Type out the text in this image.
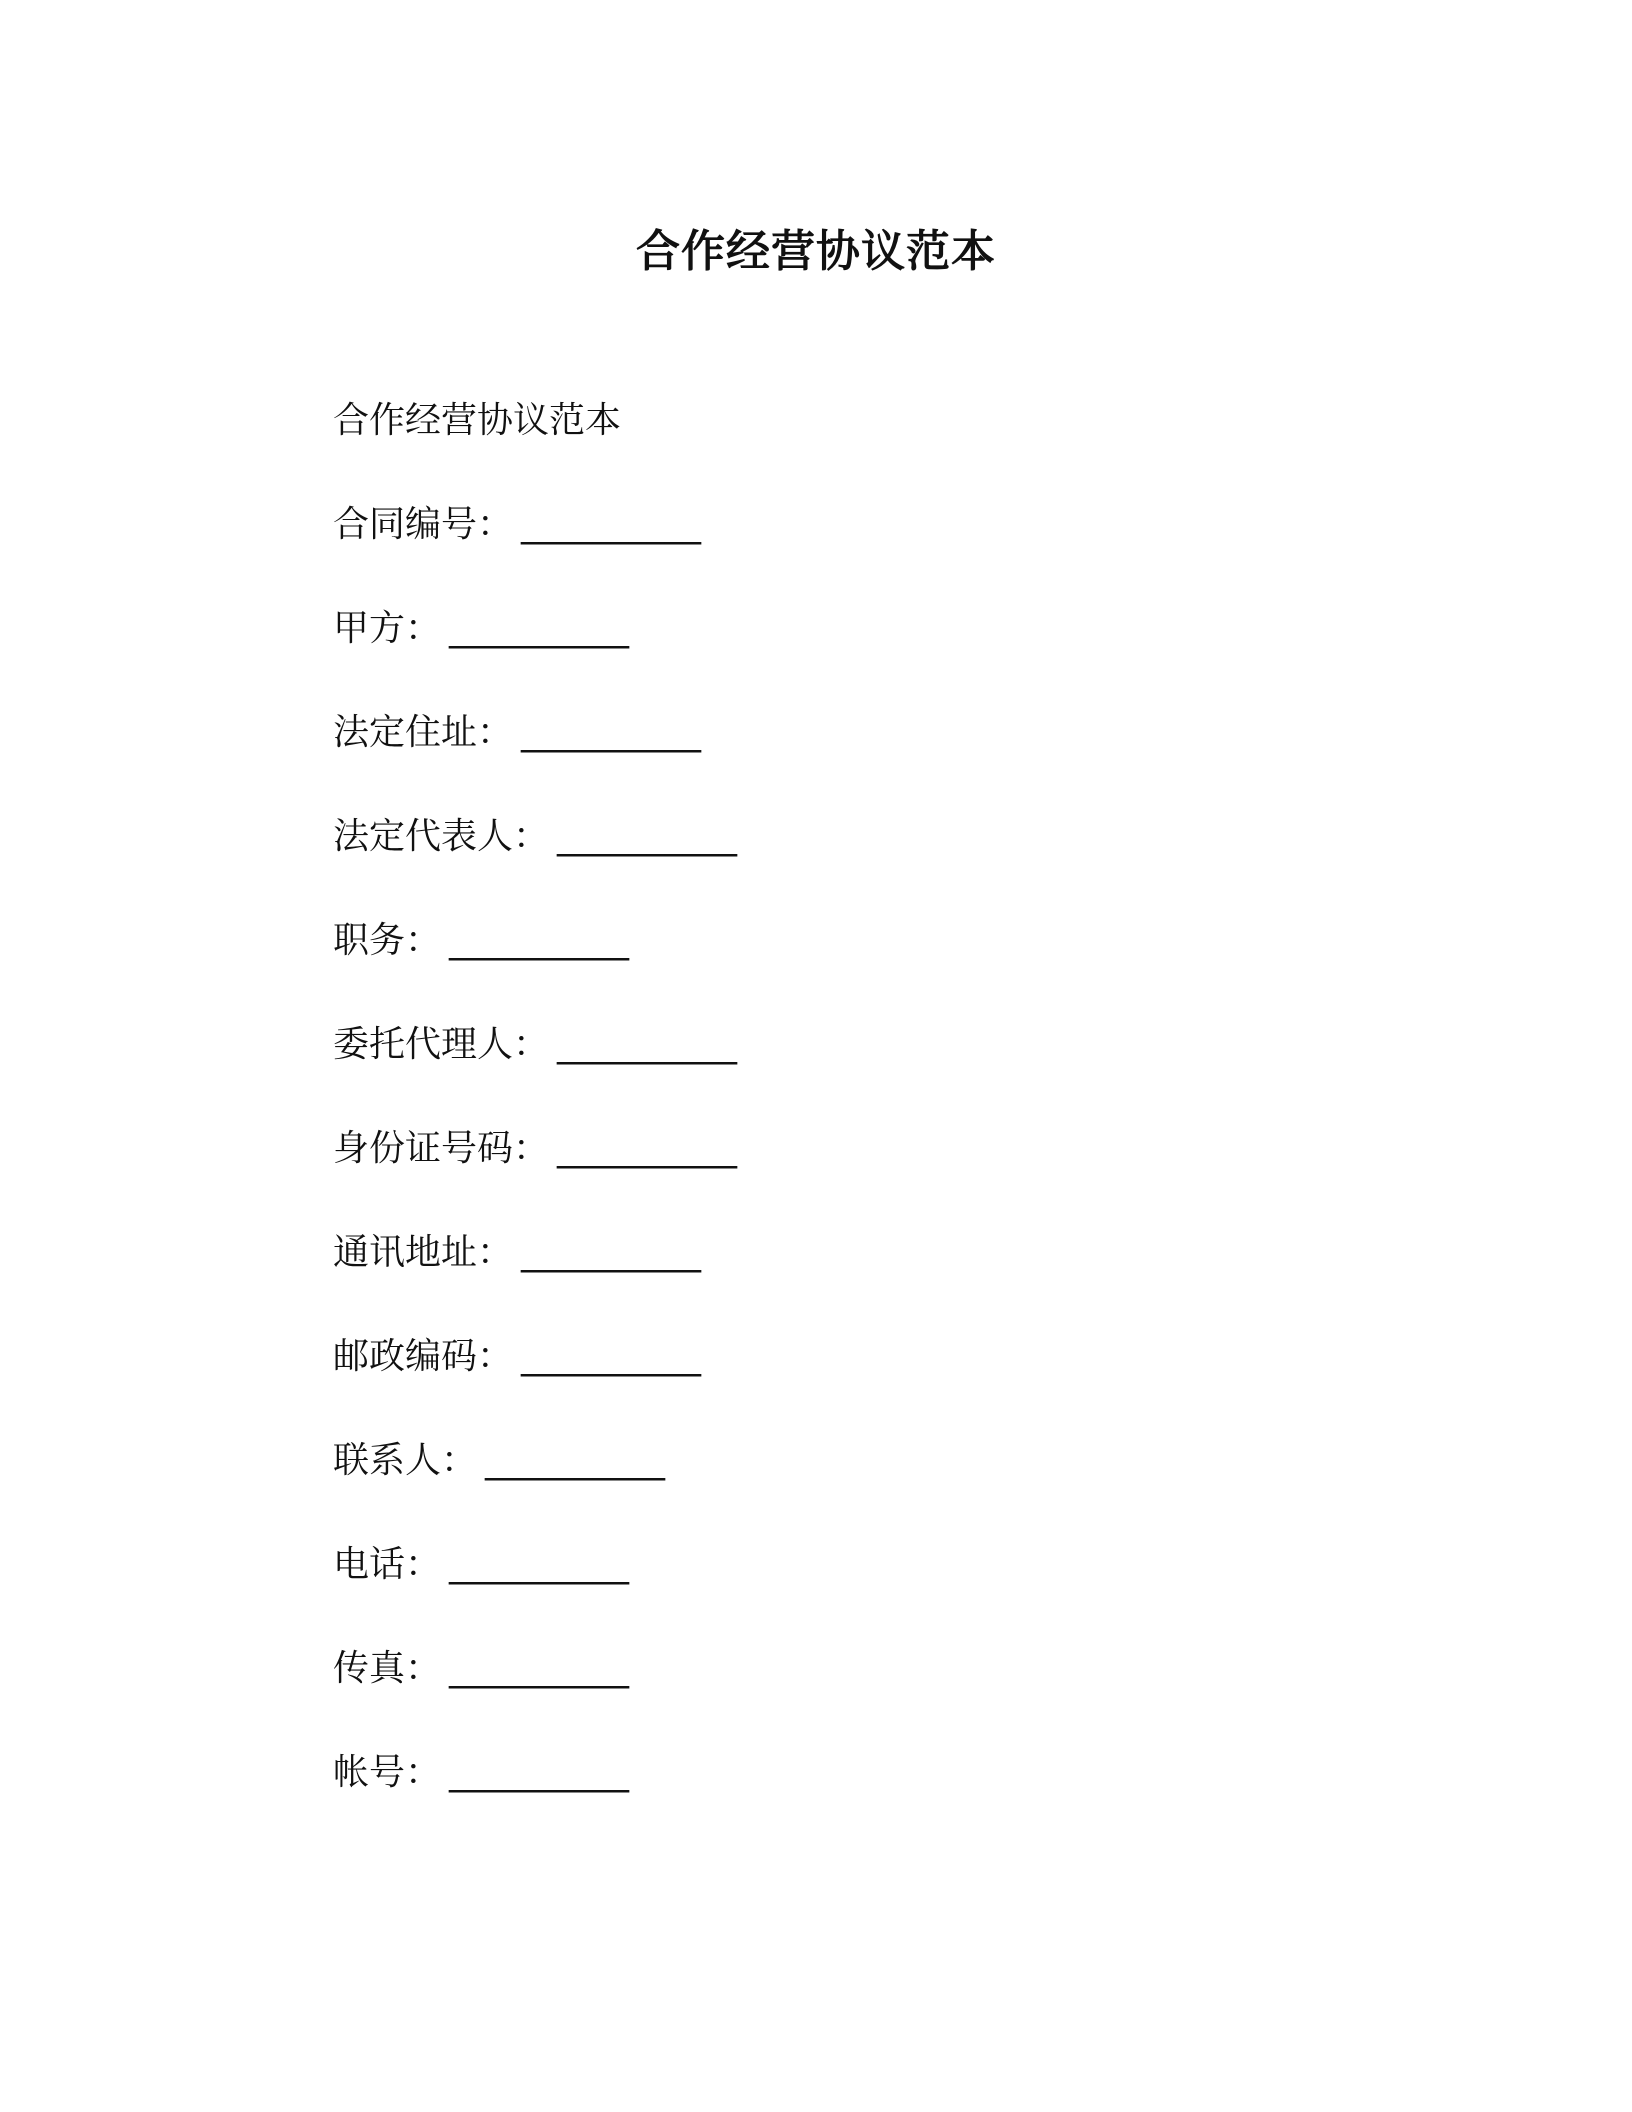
合作经营协议范本
合作经营协议范本
合同编号： __________
甲方： __________
法定住址： __________
法定代表人： __________
职务： __________
委托代理人： __________
身份证号码： __________
通讯地址： __________
邮政编码： __________
联系人： __________
电话： __________
传真： __________
帐号： __________
